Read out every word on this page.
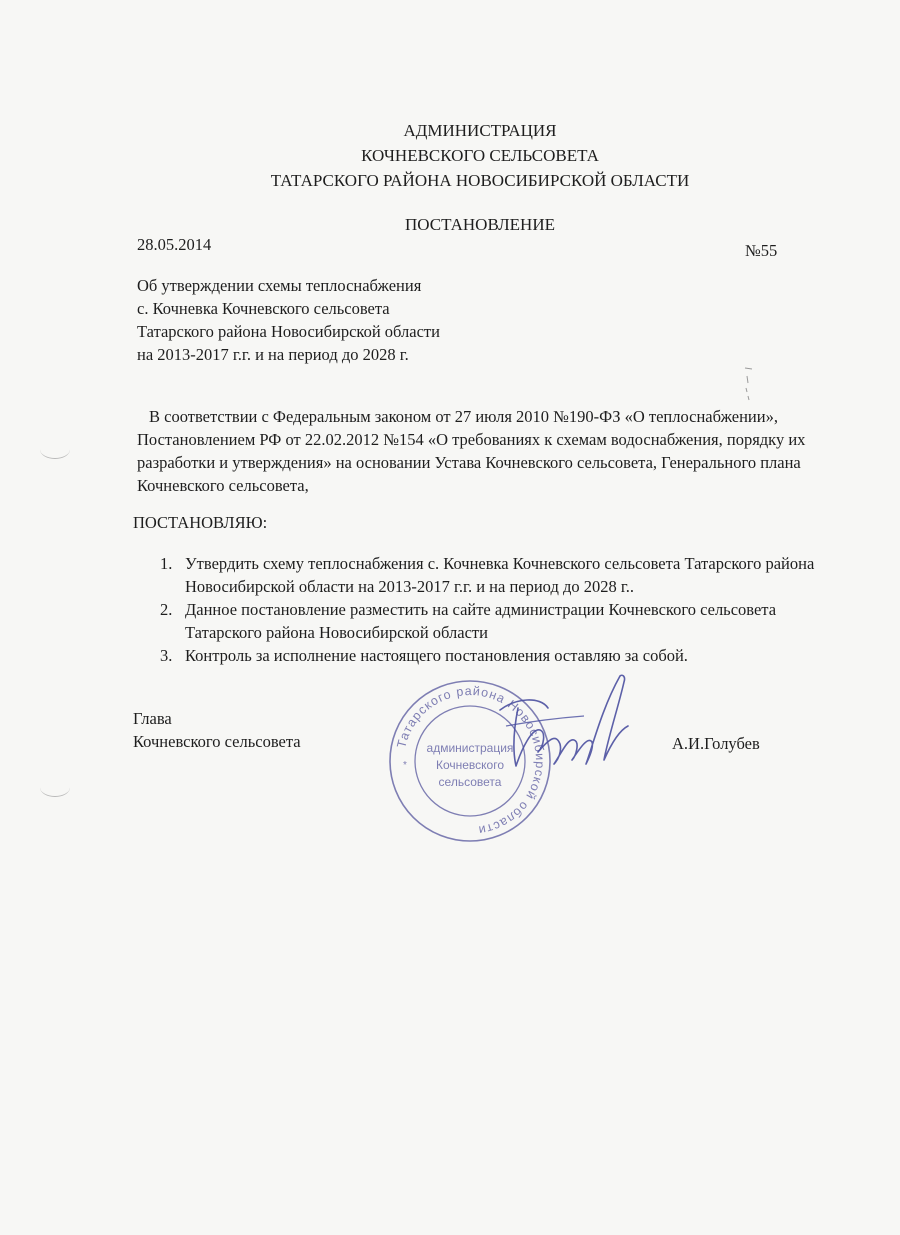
АДМИНИСТРАЦИЯ
КОЧНЕВСКОГО СЕЛЬСОВЕТА
ТАТАРСКОГО РАЙОНА НОВОСИБИРСКОЙ ОБЛАСТИ
ПОСТАНОВЛЕНИЕ
28.05.2014	№55
Об утверждении схемы теплоснабжения
с. Кочневка Кочневского сельсовета
Татарского района Новосибирской области
на 2013-2017 г.г. и на период до 2028 г.
В соответствии с Федеральным законом от 27 июля 2010 №190-ФЗ «О теплоснабжении», Постановлением РФ от 22.02.2012 №154 «О требованиях к схемам водоснабжения, порядку их разработки и утверждения» на основании Устава Кочневского сельсовета, Генерального плана Кочневского сельсовета,
ПОСТАНОВЛЯЮ:
1. Утвердить схему теплоснабжения с. Кочневка Кочневского сельсовета Татарского района Новосибирской области на 2013-2017 г.г. и на период до 2028 г..
2. Данное постановление разместить на сайте администрации Кочневского сельсовета Татарского района Новосибирской области
3. Контроль за исполнение настоящего постановления оставляю за собой.
Глава
Кочневского сельсовета	А.И.Голубев
Татарского района Новосибирской области
*
администрация
Кочневского
сельсовета
